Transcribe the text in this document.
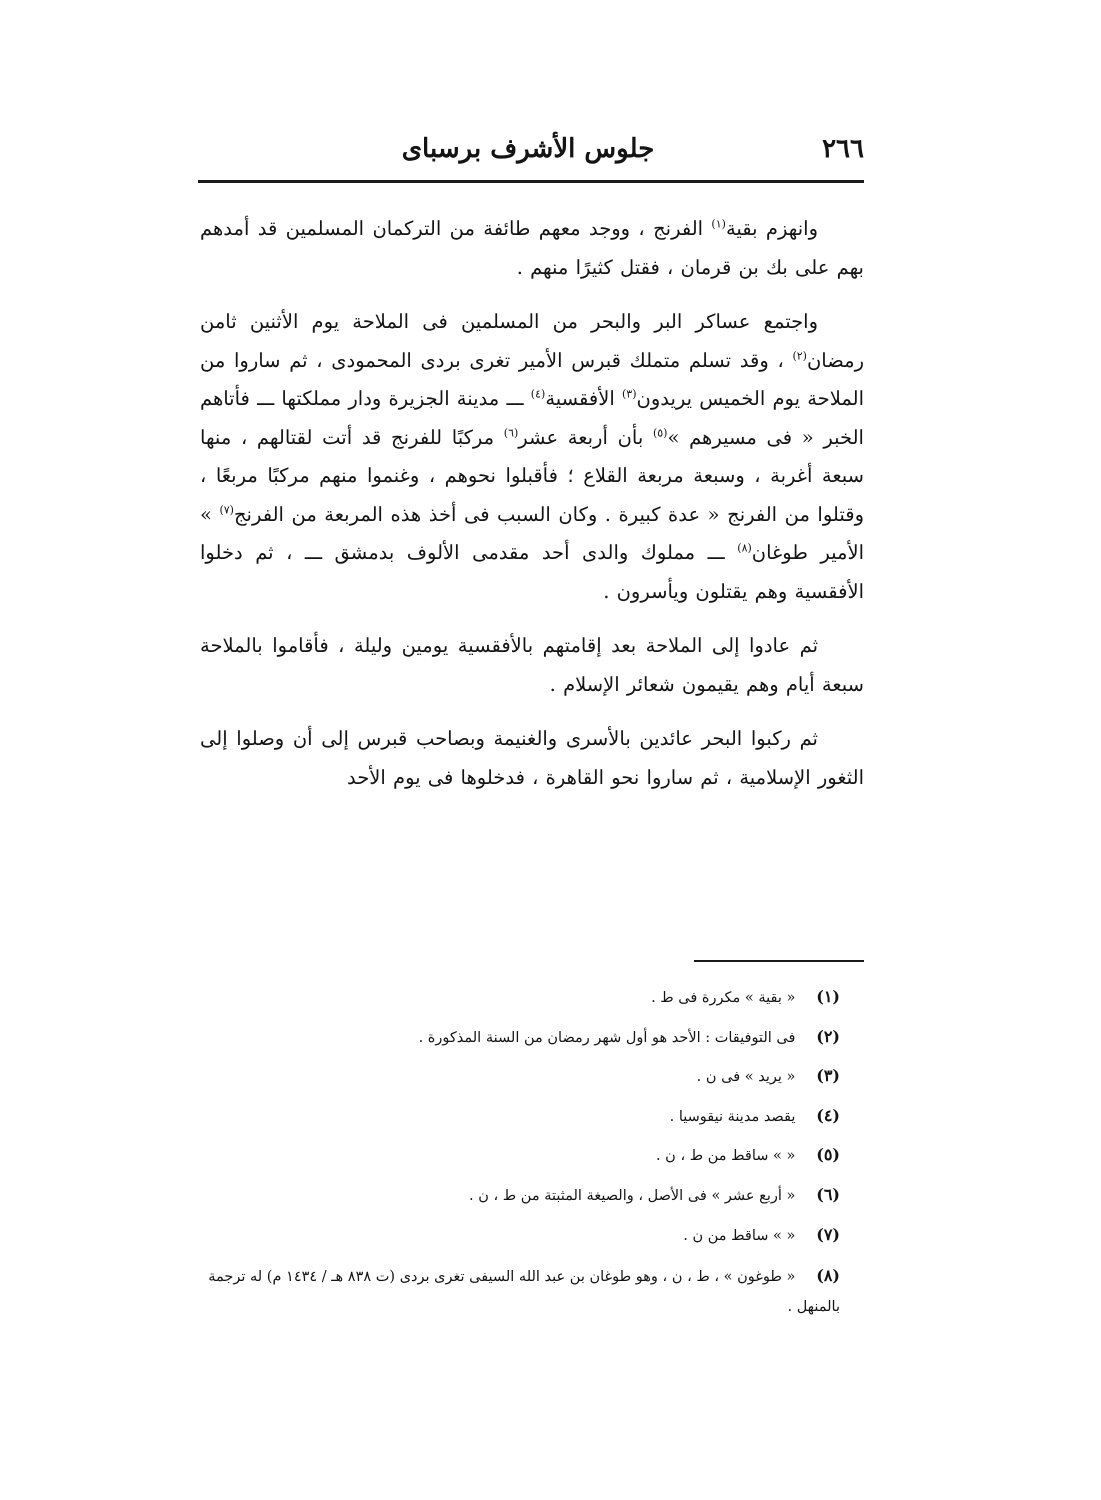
٢٦٦
جلوس الأشرف برسباى

وانهزم بقية$^{(١)}$ الفرنج ، ووجد معهم طائفة من التركمان المسلمين قد أمدهم بهم على بك بن قرمان ، فقتل كثيرًا منهم .

واجتمع عساكر البر والبحر من المسلمين فى الملاحة يوم الأثنين ثامن رمضان$^{(٢)}$ ، وقد تسلم متملك قبرس الأمير تغرى بردى المحمودى ، ثم ساروا من الملاحة يوم الخميس يريدون$^{(٣)}$ الأفقسية$^{(٤)}$ ـــ مدينة الجزيرة ودار مملكتها ـــ فأتاهم الخبر « فى مسيرهم »$^{(٥)}$ بأن أربعة عشر$^{(٦)}$ مركبًا للفرنج قد أتت لقتالهم ، منها سبعة أغربة ، وسبعة مربعة القلاع ؛ فأقبلوا نحوهم ، وغنموا منهم مركبًا مربعًا ، وقتلوا من الفرنج « عدة كبيرة . وكان السبب فى أخذ هذه المربعة من الفرنج$^{(٧)}$ » الأمير طوغان$^{(٨)}$ ـــ مملوك والدى أحد مقدمى الألوف بدمشق ـــ ، ثم دخلوا الأفقسية وهم يقتلون ويأسرون .

ثم عادوا إلى الملاحة بعد إقامتهم بالأفقسية يومين وليلة ، فأقاموا بالملاحة سبعة أيام وهم يقيمون شعائر الإسلام .

ثم ركبوا البحر عائدين بالأسرى والغنيمة وبصاحب قبرس إلى أن وصلوا إلى الثغور الإسلامية ، ثم ساروا نحو القاهرة ، فدخلوها فى يوم الأحد

(١) « بقية » مكررة فى ط .
(٢) فى التوفيقات : الأحد هو أول شهر رمضان من السنة المذكورة .
(٣) « يريد » فى ن .
(٤) يقصد مدينة نيقوسيا .
(٥) « » ساقط من ط ، ن .
(٦) « أربع عشر » فى الأصل ، والصيغة المثبتة من ط ، ن .
(٧) « » ساقط من ن .
(٨) « طوغون » ، ط ، ن ، وهو طوغان بن عبد الله السيفى تغرى بردى (ت ٨٣٨ هـ / ١٤٣٤ م) له ترجمة بالمنهل .
